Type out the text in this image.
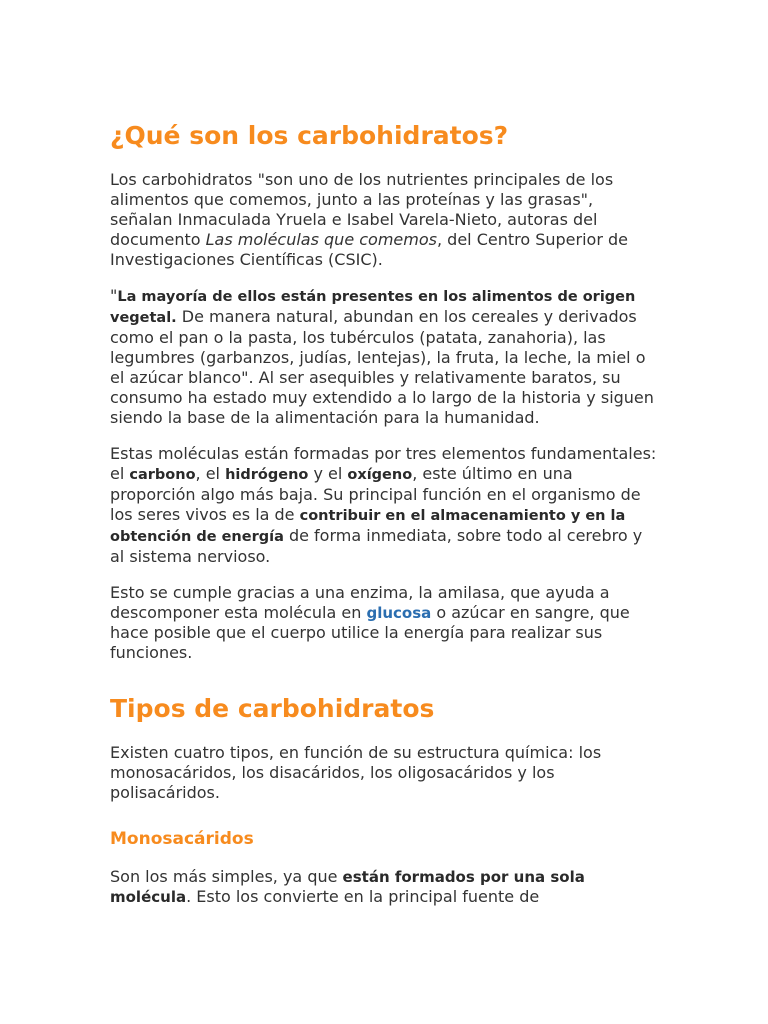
¿Qué son los carbohidratos?

Los carbohidratos "son uno de los nutrientes principales de los alimentos que comemos, junto a las proteínas y las grasas", señalan Inmaculada Yruela e Isabel Varela-Nieto, autoras del documento Las moléculas que comemos, del Centro Superior de Investigaciones Científicas (CSIC).

"La mayoría de ellos están presentes en los alimentos de origen vegetal. De manera natural, abundan en los cereales y derivados como el pan o la pasta, los tubérculos (patata, zanahoria), las legumbres (garbanzos, judías, lentejas), la fruta, la leche, la miel o el azúcar blanco". Al ser asequibles y relativamente baratos, su consumo ha estado muy extendido a lo largo de la historia y siguen siendo la base de la alimentación para la humanidad.

Estas moléculas están formadas por tres elementos fundamentales: el carbono, el hidrógeno y el oxígeno, este último en una proporción algo más baja. Su principal función en el organismo de los seres vivos es la de contribuir en el almacenamiento y en la obtención de energía de forma inmediata, sobre todo al cerebro y al sistema nervioso.

Esto se cumple gracias a una enzima, la amilasa, que ayuda a descomponer esta molécula en glucosa o azúcar en sangre, que hace posible que el cuerpo utilice la energía para realizar sus funciones.

Tipos de carbohidratos

Existen cuatro tipos, en función de su estructura química: los monosacáridos, los disacáridos, los oligosacáridos y los polisacáridos.

Monosacáridos

Son los más simples, ya que están formados por una sola molécula. Esto los convierte en la principal fuente de
